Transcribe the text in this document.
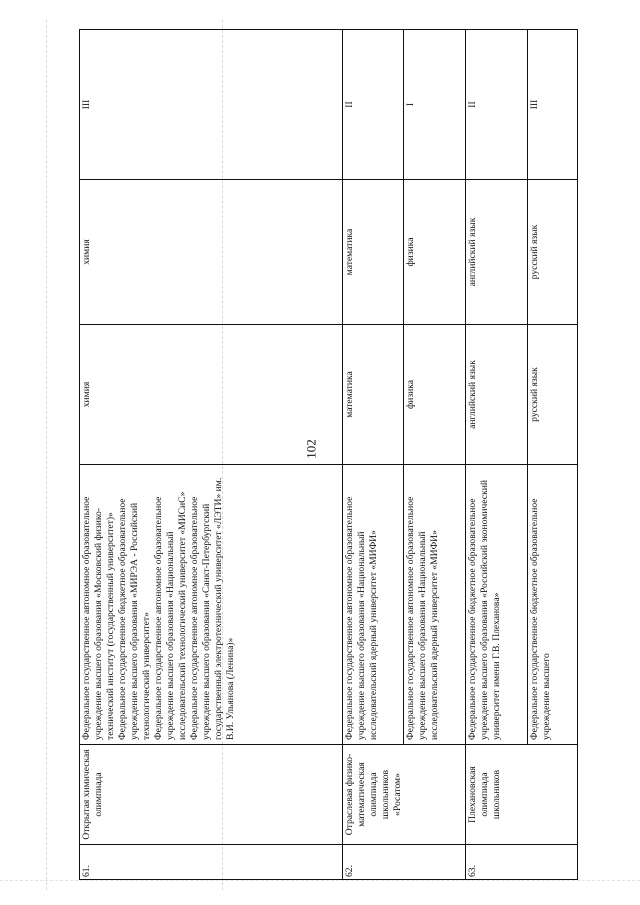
102
61.	Открытая химическая олимпиада	Федеральное государственное автономное образовательное учреждение высшего образования «Московский физико-технический институт (государственный университет)» Федеральное государственное бюджетное образовательное учреждение высшего образования «МИРЭА - Российский технологический университет» Федеральное государственное автономное образовательное учреждение высшего образования «Национальный исследовательский технологический университет «МИСиС» Федеральное государственное автономное образовательное учреждение высшего образования «Санкт-Петербургский государственный электротехнический университет «ЛЭТИ» им. В.И. Ульянова (Ленина)»	химия	химия	III
62.	Отраслевая физико-математическая олимпиада школьников «Росатом»	Федеральное государственное автономное образовательное учреждение высшего образования «Национальный исследовательский ядерный университет «МИФИ»	математика	математика	II
		Федеральное государственное автономное образовательное учреждение высшего образования «Национальный исследовательский ядерный университет «МИФИ»	физика	физика	I
63.	Плехановская олимпиада школьников	Федеральное государственное бюджетное образовательное учреждение высшего образования «Российский экономический университет имени Г.В. Плеханова»	английский язык	английский язык	II
		Федеральное государственное бюджетное образовательное учреждение высшего	русский язык	русский язык	III
